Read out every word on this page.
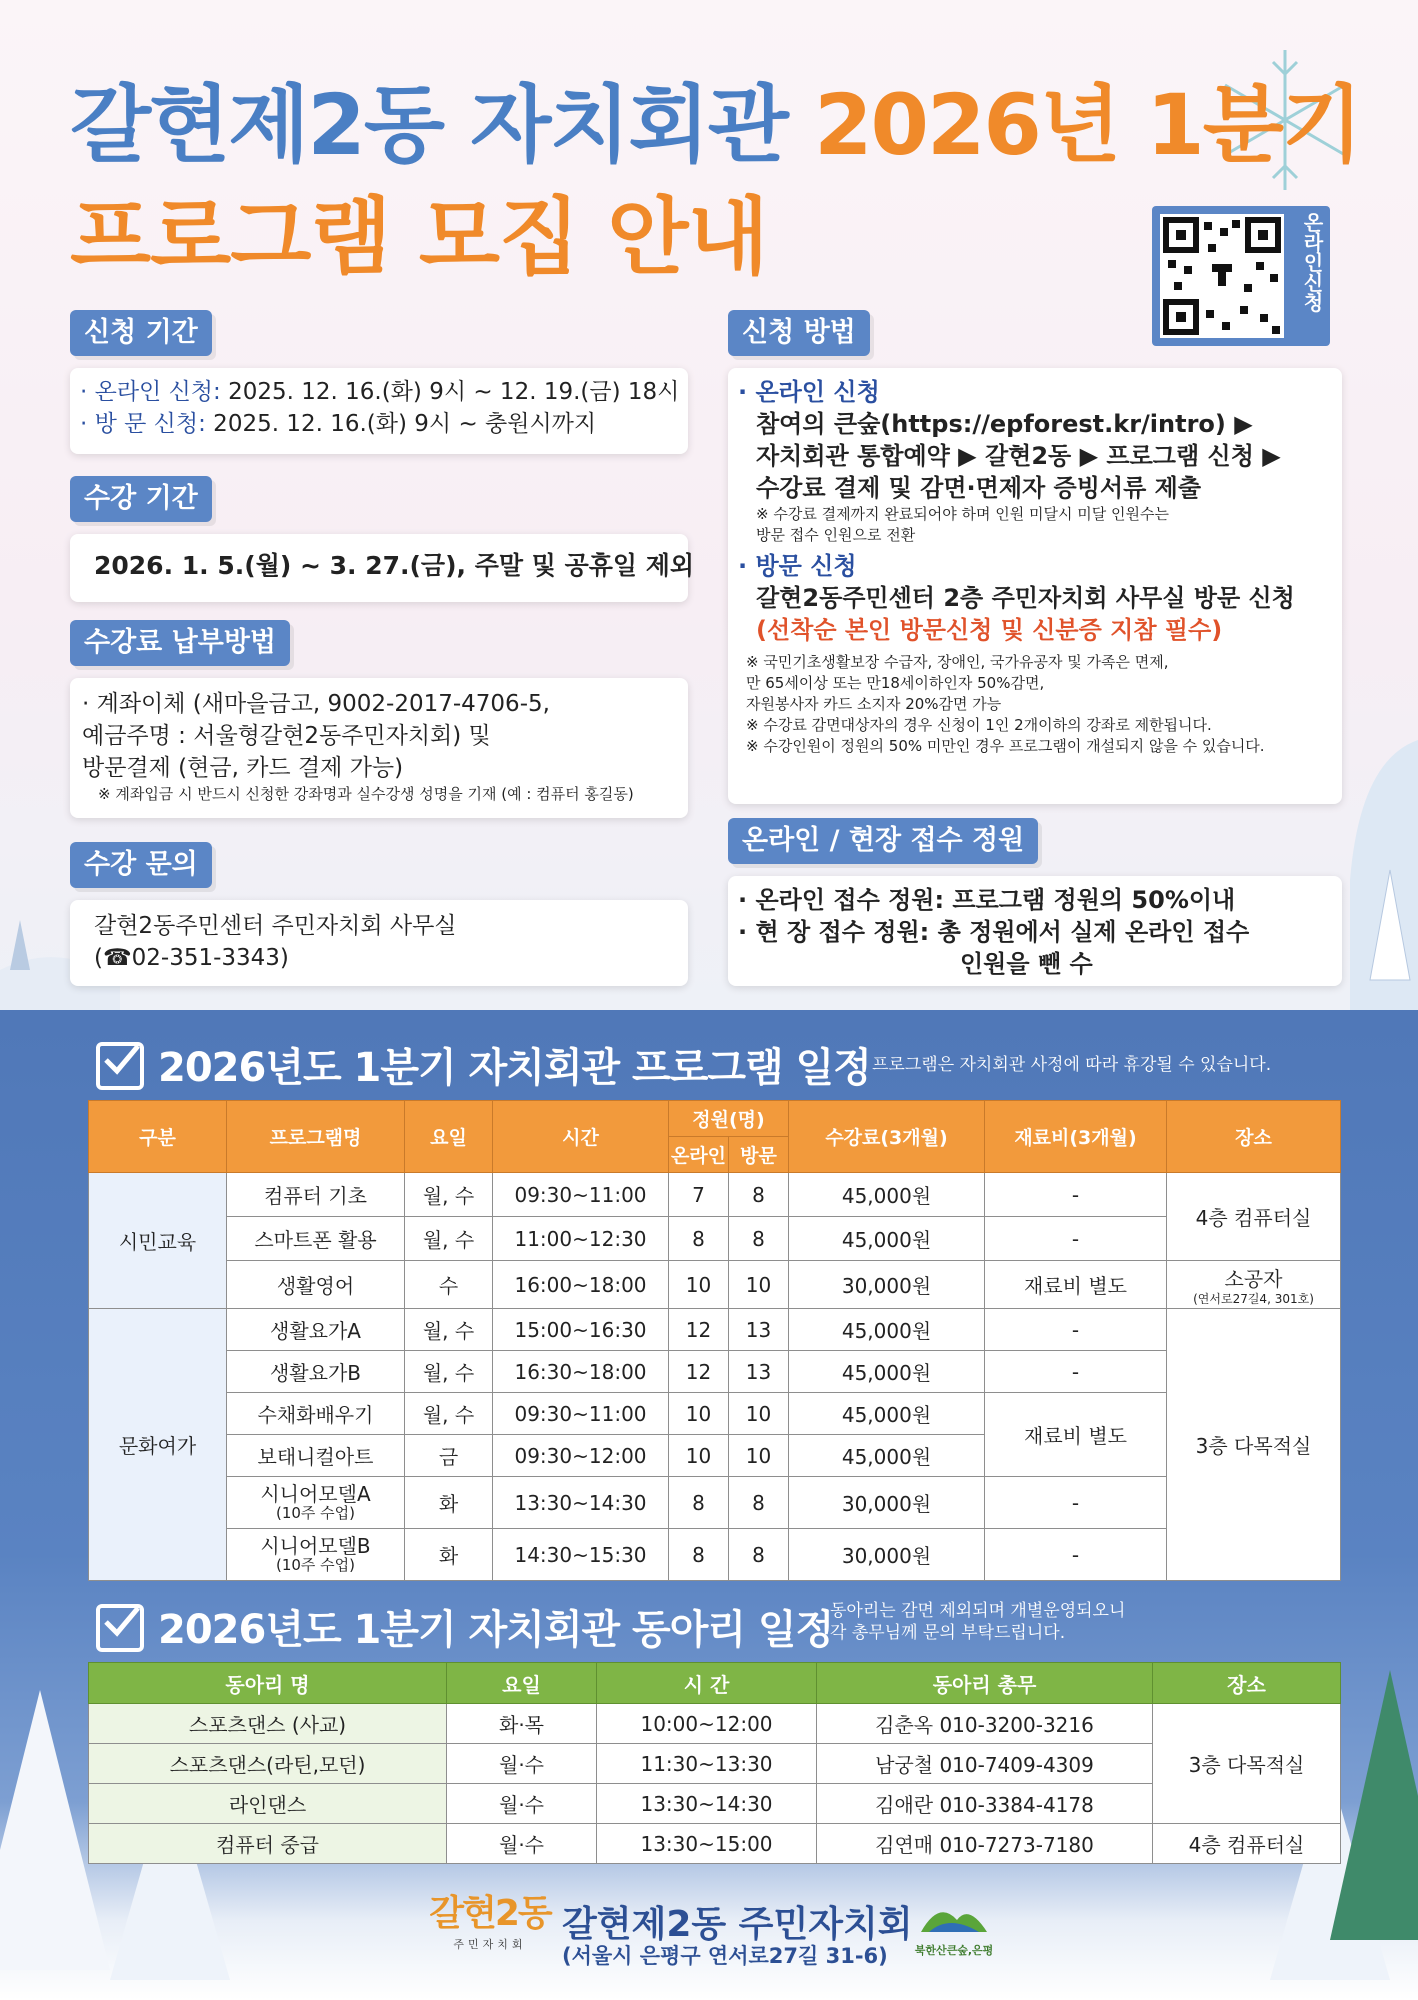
갈현제2동 자치회관 2026년 1분기
프로그램 모집 안내	온라인신청
신청 기간
· 온라인 신청: 2025. 12. 16.(화) 9시 ~ 12. 19.(금) 18시
· 방 문 신청: 2025. 12. 16.(화) 9시 ~ 충원시까지
수강 기간
2026. 1. 5.(월) ~ 3. 27.(금), 주말 및 공휴일 제외
수강료 납부방법
· 계좌이체 (새마을금고, 9002-2017-4706-5,
예금주명 : 서울형갈현2동주민자치회) 및
방문결제 (현금, 카드 결제 가능)
※ 계좌입금 시 반드시 신청한 강좌명과 실수강생 성명을 기재 (예 : 컴퓨터 홍길동)
수강 문의
갈현2동주민센터 주민자치회 사무실
(☎02-351-3343)
신청 방법
· 온라인 신청
참여의 큰숲(https://epforest.kr/intro) ▶
자치회관 통합예약 ▶ 갈현2동 ▶ 프로그램 신청 ▶
수강료 결제 및 감면·면제자 증빙서류 제출
※ 수강료 결제까지 완료되어야 하며 인원 미달시 미달 인원수는
방문 접수 인원으로 전환
· 방문 신청
갈현2동주민센터 2층 주민자치회 사무실 방문 신청
(선착순 본인 방문신청 및 신분증 지참 필수)
※ 국민기초생활보장 수급자, 장애인, 국가유공자 및 가족은 면제,
만 65세이상 또는 만18세이하인자 50%감면,
자원봉사자 카드 소지자 20%감면 가능
※ 수강료 감면대상자의 경우 신청이 1인 2개이하의 강좌로 제한됩니다.
※ 수강인원이 정원의 50% 미만인 경우 프로그램이 개설되지 않을 수 있습니다.
온라인 / 현장 접수 정원
· 온라인 접수 정원: 프로그램 정원의 50%이내
· 현 장 접수 정원: 총 정원에서 실제 온라인 접수
인원을 뺀 수
2026년도 1분기 자치회관 프로그램 일정 프로그램은 자치회관 사정에 따라 휴강될 수 있습니다.
구분	프로그램명	요일	시간	정원(명)		수강료(3개월)	재료비(3개월)	장소
				온라인	방문			
시민교육	컴퓨터 기초	월, 수	09:30~11:00	7	8	45,000원	-	4층 컴퓨터실
	스마트폰 활용	월, 수	11:00~12:30	8	8	45,000원	-	
	생활영어	수	16:00~18:00	10	10	30,000원	재료비 별도	소공자
(연서로27길4, 301호)

문화여가	생활요가A	월, 수	15:00~16:30	12	13	45,000원	-	3층 다목적실
	생활요가B	월, 수	16:30~18:00	12	13	45,000원	-	
	수채화배우기	월, 수	09:30~11:00	10	10	45,000원	재료비 별도	
	보태니컬아트	금	09:30~12:00	10	10	45,000원		
	시니어모델A
(10주 수업)	화	13:30~14:30	8	8	30,000원	-	
	시니어모델B
(10주 수업)	화	14:30~15:30	8	8	30,000원	-	
2026년도 1분기 자치회관 동아리 일정
동아리는 감면 제외되며 개별운영되오니
각 총무님께 문의 부탁드립니다.
동아리 명	요일	시 간	동아리 총무	장소
스포츠댄스 (사교)	화·목	10:00~12:00	김춘옥 010-3200-3216	3층 다목적실
스포츠댄스(라틴,모던)	월·수	11:30~13:30	남궁철 010-7409-4309	
라인댄스	월·수	13:30~14:30	김애란 010-3384-4178	
컴퓨터 중급	월·수	13:30~15:00	김연매 010-7273-7180	4층 컴퓨터실
갈현2동
주민자치회 갈현제2동 주민자치회
(서울시 은평구 연서로27길 31-6)	북한산큰숲,은평
